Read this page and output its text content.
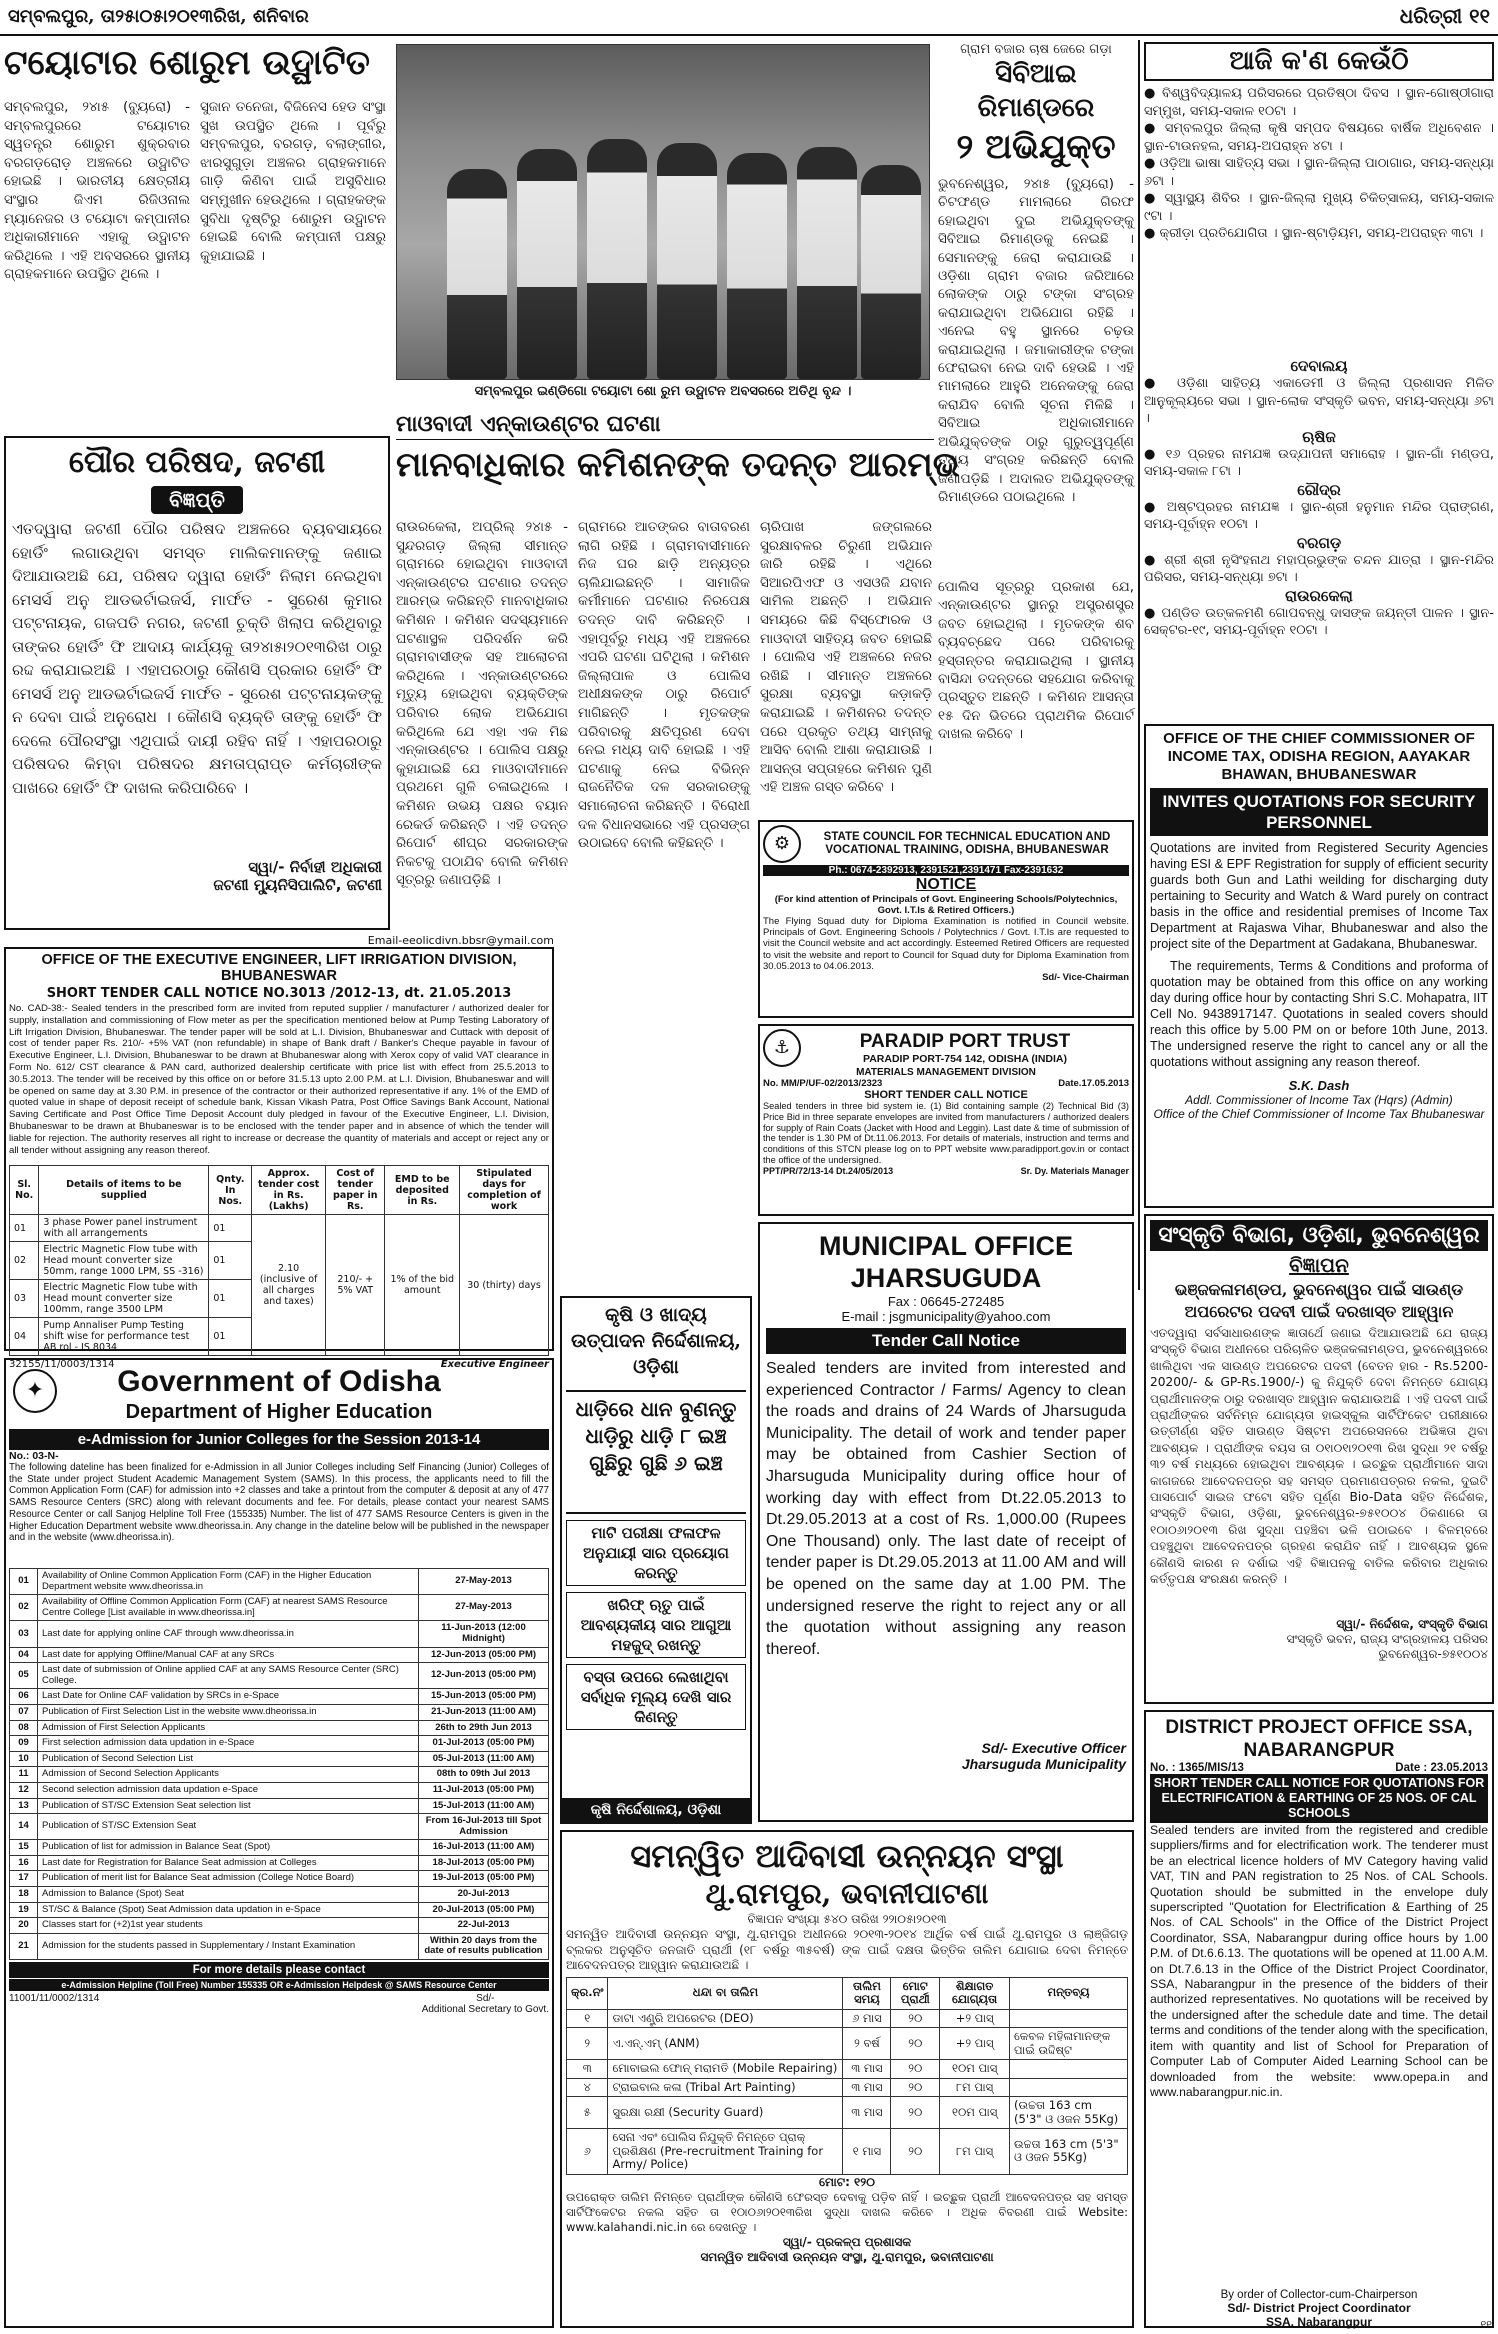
ସମ୍ବଲପୁର, ତା୨୫ା୦୫ା୨୦୧୩ରିଖ, ଶନିବାର	ଧରିତ୍ରୀ ୧୧
ଟୟୋଟାର ଶୋରୁମ ଉଦ୍ଘାଟିତ
ସମ୍ବଲପୁର, ୨୪ା୫ (ବ୍ୟୁରୋ) - ସମ୍ବଲପୁରରେ ଟୟୋଟାର ସ୍ୱତନ୍ତ୍ର ଶୋରୁମ ଶୁକ୍ରବାର ବରଗଡ଼ରୋଡ଼ ଅଞ୍ଚଳରେ ଉଦ୍ଘାଟିତ ହୋଇଛି । ଭାରତୀୟ କ୍ଷେତ୍ରୀୟ ସଂସ୍ଥାର ଜିଏମ ରିଜିଓନାଲ ମ୍ୟାନେଜର ଓ ଟୟୋଟା କମ୍ପାନୀର ଅଧିକାରୀମାନେ ଏହାକୁ ଉଦ୍ଘାଟନ କରିଥିଲେ । ଏହି ଅବସରରେ ସ୍ଥାନୀୟ ଗ୍ରାହକମାନେ ଉପସ୍ଥିତ ଥିଲେ ।
ସୁଜାନ ତନେଜା, ବିଜିନେସ ହେଡ ସଂସ୍ଥା ସୁଖ ଉପସ୍ଥିତ ଥିଲେ । ପୂର୍ବରୁ ସମ୍ବଲପୁର, ବରଗଡ଼, ବଲାଙ୍ଗୀର, ଝାରସୁଗୁଡ଼ା ଅଞ୍ଚଳର ଗ୍ରାହକମାନେ ଗାଡ଼ି କିଣିବା ପାଇଁ ଅସୁବିଧାର ସମ୍ମୁଖୀନ ହେଉଥିଲେ । ଗ୍ରାହକଙ୍କ ସୁବିଧା ଦୃଷ୍ଟିରୁ ଶୋରୁମ ଉଦ୍ଘାଟନ ହୋଇଛି ବୋଲି କମ୍ପାନୀ ପକ୍ଷରୁ କୁହାଯାଇଛି ।
ସମ୍ବଲପୁର ଇଣ୍ଡିଗୋ ଟୟୋଟା ଶୋ ରୁମ ଉଦ୍ଘାଟନ ଅବସରରେ ଅତିଥି ବୃନ୍ଦ ।
ଗ୍ରାମ ବଜାର ଚାଷ ଜେରେ ଗଡ଼ା
ସିବିଆଇ ରିମାଣ୍ଡରେ
୨ ଅଭିଯୁକ୍ତ
ଭୁବନେଶ୍ୱର, ୨୪ା୫ (ବ୍ୟୁରୋ) - ଚିଟଫଣ୍ଡ ମାମଲାରେ ଗିରଫ ହୋଇଥିବା ଦୁଇ ଅଭିଯୁକ୍ତଙ୍କୁ ସିବିଆଇ ରିମାଣ୍ଡକୁ ନେଇଛି । ସେମାନଙ୍କୁ ଜେରା କରାଯାଉଛି । ଓଡ଼ିଶା ଗ୍ରାମ ବଜାର ଜରିଆରେ ଲୋକଙ୍କ ଠାରୁ ଟଙ୍କା ସଂଗ୍ରହ କରାଯାଇଥିବା ଅଭିଯୋଗ ରହିଛି । ଏନେଇ ବହୁ ସ୍ଥାନରେ ଚଢ଼ଉ କରାଯାଇଥିଲା । ଜମାକାରୀଙ୍କ ଟଙ୍କା ଫେରାଇବା ନେଇ ଦାବି ହେଉଛି । ଏହି ମାମଲାରେ ଆହୁରି ଅନେକଙ୍କୁ ଜେରା କରାଯିବ ବୋଲି ସୂଚନା ମିଳିଛି । ସିବିଆଇ ଅଧିକାରୀମାନେ ଅଭିଯୁକ୍ତଙ୍କ ଠାରୁ ଗୁରୁତ୍ୱପୂର୍ଣ୍ଣ ତଥ୍ୟ ସଂଗ୍ରହ କରିଛନ୍ତି ବୋଲି ଜଣାପଡ଼ିଛି । ଅଦାଲତ ଅଭିଯୁକ୍ତଙ୍କୁ ରିମାଣ୍ଡରେ ପଠାଇଥିଲେ ।
ଆଜି କ'ଣ କେଉଁଠି
● ବିଶ୍ୱବିଦ୍ୟାଳୟ ପରିସରରେ ପ୍ରତିଷ୍ଠା ଦିବସ । ସ୍ଥାନ-ଗୋଷ୍ଠୀଗାରା ସମ୍ମୁଖ, ସମୟ-ସକାଳ ୧୦ଟା ।
● ସମ୍ବଲପୁର ଜିଲ୍ଲା କୃଷି ସମ୍ପଦ ବିଷୟରେ ବାର୍ଷିକ ଅଧିବେଶନ । ସ୍ଥାନ-ଟାଉନହଲ, ସମୟ-ଅପରାହ୍ନ ୪ଟା ।
● ଓଡ଼ିଆ ଭାଷା ସାହିତ୍ୟ ସଭା । ସ୍ଥାନ-ଜିଲ୍ଲା ପାଠାଗାର, ସମୟ-ସନ୍ଧ୍ୟା ୬ଟା ।
● ସ୍ୱାସ୍ଥ୍ୟ ଶିବିର । ସ୍ଥାନ-ଜିଲ୍ଲା ମୁଖ୍ୟ ଚିକିତ୍ସାଳୟ, ସମୟ-ସକାଳ ୯ଟା ।
● କ୍ରୀଡ଼ା ପ୍ରତିଯୋଗିତା । ସ୍ଥାନ-ଷ୍ଟାଡ଼ିୟମ, ସମୟ-ଅପରାହ୍ନ ୩ଟା ।
ଦେବାଲୟ
● ଓଡ଼ିଶା ସାହିତ୍ୟ ଏକାଡେମୀ ଓ ଜିଲ୍ଲା ପ୍ରଶାସନ ମିଳିତ ଆନୁକୂଲ୍ୟରେ ସଭା । ସ୍ଥାନ-ଲୋକ ସଂସ୍କୃତି ଭବନ, ସମୟ-ସନ୍ଧ୍ୟା ୬ଟା ।
ଋଷିଜ
● ୧୬ ପ୍ରହର ନାମଯଜ୍ଞ ଉଦ୍ଯାପନୀ ସମାରୋହ । ସ୍ଥାନ-ଗାଁ ମଣ୍ଡପ, ସମୟ-ସକାଳ ୮ଟା ।
ରୌଦ୍ର
● ଅଷ୍ଟପ୍ରହର ନାମଯଜ୍ଞ । ସ୍ଥାନ-ଶ୍ରୀ ହନୁମାନ ମନ୍ଦିର ପ୍ରାଙ୍ଗଣ, ସମୟ-ପୂର୍ବାହ୍ନ ୧୦ଟା ।
ବରଗଡ଼
● ଶ୍ରୀ ଶ୍ରୀ ନୃସିଂହନାଥ ମହାପ୍ରଭୁଙ୍କ ଚନ୍ଦନ ଯାତ୍ରା । ସ୍ଥାନ-ମନ୍ଦିର ପରିସର, ସମୟ-ସନ୍ଧ୍ୟା ୭ଟା ।
ରାଉରକେଲା
● ପଣ୍ଡିତ ଉତ୍କଳମଣି ଗୋପବନ୍ଧୁ ଦାସଙ୍କ ଜୟନ୍ତୀ ପାଳନ । ସ୍ଥାନ-ସେକ୍ଟର-୧୯, ସମୟ-ପୂର୍ବାହ୍ନ ୧୦ଟା ।
ପୌର ପରିଷଦ, ଜଟଣୀ
ବିଜ୍ଞପ୍ତି
ଏତଦ୍ୱାରା ଜଟଣୀ ପୌର ପରିଷଦ ଅଞ୍ଚଳରେ ବ୍ୟବସାୟରେ ହୋର୍ଡିଂ ଲଗାଉଥିବା ସମସ୍ତ ମାଲିକମାନଙ୍କୁ ଜଣାଇ ଦିଆଯାଉଅଛି ଯେ, ପରିଷଦ ଦ୍ୱାରା ହୋର୍ଡିଂ ନିଲାମ ନେଇଥିବା ମେସର୍ସ ଅନୁ ଆଡଭର୍ଟାଇଜର୍ସ, ମାର୍ଫତ - ସୁରେଶ କୁମାର ପଟ୍ଟନାୟକ, ଗଜପତି ନଗର, ଜଟଣୀ ଚୁକ୍ତି ଖିଲାପ କରିଥିବାରୁ ତାଙ୍କର ହୋର୍ଡିଂ ଫି ଆଦାୟ କାର୍ଯ୍ୟକୁ ତା୨୪ା୫ା୨୦୧୩ରିଖ ଠାରୁ ରଦ୍ଦ କରାଯାଇଅଛି । ଏହାପରଠାରୁ କୌଣସି ପ୍ରକାର ହୋର୍ଡିଂ ଫି ମେସର୍ସ ଅନୁ ଆଡଭର୍ଟାଇଜର୍ସ ମାର୍ଫତ - ସୁରେଶ ପଟ୍ଟନାୟକଙ୍କୁ ନ ଦେବା ପାଇଁ ଅନୁରୋଧ । କୌଣସି ବ୍ୟକ୍ତି ତାଙ୍କୁ ହୋର୍ଡିଂ ଫି ଦେଲେ ପୌରସଂସ୍ଥା ଏଥିପାଇଁ ଦାୟୀ ରହିବ ନାହିଁ । ଏହାପରଠାରୁ ପରିଷଦର କିମ୍ବା ପରିଷଦର କ୍ଷମତାପ୍ରାପ୍ତ କର୍ମଚାରୀଙ୍କ ପାଖରେ ହୋର୍ଡିଂ ଫି ଦାଖଲ କରିପାରିବେ ।
ସ୍ୱା/- ନିର୍ବାହୀ ଅଧିକାରୀ
ଜଟଣୀ ମ୍ୟୁନିସିପାଲିଟି, ଜଟଣୀ
ମାଓବାଦୀ ଏନ୍‌କାଉଣ୍ଟର ଘଟଣା
ମାନବାଧିକାର କମିଶନଙ୍କ ତଦନ୍ତ ଆରମ୍ଭ
ରାଉରକେଲା, ଅପ୍ରିଲ୍ ୨୪ା୫ - ସୁନ୍ଦରଗଡ଼ ଜିଲ୍ଲା ସୀମାନ୍ତ ଗ୍ରାମରେ ହୋଇଥିବା ମାଓବାଦୀ ଏନ୍‌କାଉଣ୍ଟର ଘଟଣାର ତଦନ୍ତ ଆରମ୍ଭ କରିଛନ୍ତି ମାନବାଧିକାର କମିଶନ । କମିଶନ ସଦସ୍ୟମାନେ ଘଟଣାସ୍ଥଳ ପରିଦର୍ଶନ କରି ଗ୍ରାମବାସୀଙ୍କ ସହ ଆଲୋଚନା କରିଥିଲେ । ଏନ୍‌କାଉଣ୍ଟରରେ ମୃତ୍ୟୁ ହୋଇଥିବା ବ୍ୟକ୍ତିଙ୍କ ପରିବାର ଲୋକ ଅଭିଯୋଗ କରିଥିଲେ ଯେ ଏହା ଏକ ମିଛ ଏନ୍‌କାଉଣ୍ଟର । ପୋଲିସ ପକ୍ଷରୁ କୁହାଯାଇଛି ଯେ ମାଓବାଦୀମାନେ ପ୍ରଥମେ ଗୁଳି ଚଳାଇଥିଲେ । କମିଶନ ଉଭୟ ପକ୍ଷର ବୟାନ ରେକର୍ଡ କରିଛନ୍ତି । ଏହି ତଦନ୍ତ ରିପୋର୍ଟ ଶୀଘ୍ର ସରକାରଙ୍କ ନିକଟକୁ ପଠାଯିବ ବୋଲି କମିଶନ ସୂତ୍ରରୁ ଜଣାପଡ଼ିଛି ।
ଗ୍ରାମରେ ଆତଙ୍କର ବାତାବରଣ ଲାଗି ରହିଛି । ଗ୍ରାମବାସୀମାନେ ନିଜ ଘର ଛାଡ଼ି ଅନ୍ୟତ୍ର ଚାଲିଯାଇଛନ୍ତି । ସାମାଜିକ କର୍ମୀମାନେ ଘଟଣାର ନିରପେକ୍ଷ ତଦନ୍ତ ଦାବି କରିଛନ୍ତି । ଏହାପୂର୍ବରୁ ମଧ୍ୟ ଏହି ଅଞ୍ଚଳରେ ଏପରି ଘଟଣା ଘଟିଥିଲା । କମିଶନ ଜିଲ୍ଲାପାଳ ଓ ପୋଲିସ ଅଧୀକ୍ଷକଙ୍କ ଠାରୁ ରିପୋର୍ଟ ମାଗିଛନ୍ତି । ମୃତକଙ୍କ ପରିବାରକୁ କ୍ଷତିପୂରଣ ଦେବା ନେଇ ମଧ୍ୟ ଦାବି ହୋଇଛି । ଏହି ଘଟଣାକୁ ନେଇ ବିଭିନ୍ନ ରାଜନୈତିକ ଦଳ ସରକାରଙ୍କୁ ସମାଲୋଚନା କରିଛନ୍ତି । ବିରୋଧୀ ଦଳ ବିଧାନସଭାରେ ଏହି ପ୍ରସଙ୍ଗ ଉଠାଇବେ ବୋଲି କହିଛନ୍ତି ।
ଚାରିପାଖ ଜଙ୍ଗଲରେ ସୁରକ୍ଷାବଳର ଚିରୁଣୀ ଅଭିଯାନ ଜାରି ରହିଛି । ଏଥିରେ ସିଆରପିଏଫ ଓ ଏସଓଜି ଯବାନ ସାମିଲ ଅଛନ୍ତି । ଅଭିଯାନ ସମୟରେ କିଛି ବିସ୍ଫୋରକ ଓ ମାଓବାଦୀ ସାହିତ୍ୟ ଜବତ ହୋଇଛି । ପୋଲିସ ଏହି ଅଞ୍ଚଳରେ ନଜର ରଖିଛି । ସୀମାନ୍ତ ଅଞ୍ଚଳରେ ସୁରକ୍ଷା ବ୍ୟବସ୍ଥା କଡ଼ାକଡ଼ି କରାଯାଇଛି । କମିଶନର ତଦନ୍ତ ପରେ ପ୍ରକୃତ ତଥ୍ୟ ସାମ୍ନାକୁ ଆସିବ ବୋଲି ଆଶା କରାଯାଉଛି । ଆସନ୍ତା ସପ୍ତାହରେ କମିଶନ ପୁଣି ଏହି ଅଞ୍ଚଳ ଗସ୍ତ କରିବେ ।
ପୋଲିସ ସୂତ୍ରରୁ ପ୍ରକାଶ ଯେ, ଏନ୍‌କାଉଣ୍ଟର ସ୍ଥାନରୁ ଅସ୍ତ୍ରଶସ୍ତ୍ର ଜବତ ହୋଇଥିଲା । ମୃତକଙ୍କ ଶବ ବ୍ୟବଚ୍ଛେଦ ପରେ ପରିବାରକୁ ହସ୍ତାନ୍ତର କରାଯାଇଥିଲା । ସ୍ଥାନୀୟ ବାସିନ୍ଦା ତଦନ୍ତରେ ସହଯୋଗ କରିବାକୁ ପ୍ରସ୍ତୁତ ଅଛନ୍ତି । କମିଶନ ଆସନ୍ତା ୧୫ ଦିନ ଭିତରେ ପ୍ରାଥମିକ ରିପୋର୍ଟ ଦାଖଲ କରିବେ ।
Email-eeolicdivn.bbsr@ymail.com
OFFICE OF THE EXECUTIVE ENGINEER, LIFT IRRIGATION DIVISION, BHUBANESWAR
SHORT TENDER CALL NOTICE NO.3013 /2012-13, dt. 21.05.2013
No. CAD-38:- Sealed tenders in the prescribed form are invited from reputed supplier / manufacturer / authorized dealer for supply, installation and commissioning of Flow meter as per the specification mentioned below at Pump Testing Laboratory of Lift Irrigation Division, Bhubaneswar. The tender paper will be sold at L.I. Division, Bhubaneswar and Cuttack with deposit of cost of tender paper Rs. 210/- +5% VAT (non refundable) in shape of Bank draft / Banker's Cheque payable in favour of Executive Engineer, L.I. Division, Bhubaneswar to be drawn at Bhubaneswar along with Xerox copy of valid VAT clearance in Form No. 612/ CST clearance & PAN card, authorized dealership certificate with price list with effect from 25.5.2013 to 30.5.2013. The tender will be received by this office on or before 31.5.13 upto 2.00 P.M. at L.I. Division, Bhubaneswar and will be opened on same day at 3.30 P.M. in presence of the contractor or their authorized representative if any. 1% of the EMD of quoted value in shape of deposit receipt of schedule bank, Kissan Vikash Patra, Post Office Savings Bank Account, National Saving Certificate and Post Office Time Deposit Account duly pledged in favour of the Executive Engineer, L.I. Division, Bhubaneswar to be drawn at Bhubaneswar is to be enclosed with the tender paper and in absence of which the tender will liable for rejection. The authority reserves all right to increase or decrease the quantity of materials and accept or reject any or all tender without assigning any reason thereof.
Sl. No.	Details of items to be supplied	Qnty. In Nos.	Approx. tender cost in Rs. (Lakhs)	Cost of tender paper in Rs.	EMD to be deposited in Rs.	Stipulated days for completion of work
01	3 phase Power panel instrument with all arrangements	01	2.10 (inclusive of all charges and taxes)	210/- + 5% VAT	1% of the bid amount	30 (thirty) days
02	Electric Magnetic Flow tube with Head mount converter size 50mm, range 1000 LPM, SS -316)	01				
03	Electric Magnetic Flow tube with Head mount converter size 100mm, range 3500 LPM	01				
04	Pump Annaliser Pump Testing shift wise for performance test AB rol - IS 8034	01				
32155/11/0003/1314	Executive Engineer
✦	Government of Odisha
Department of Higher Education
e-Admission for Junior Colleges for the Session 2013-14
No.: 03-N-
The following dateline has been finalized for e-Admission in all Junior Colleges including Self Financing (Junior) Colleges of the State under project Student Academic Management System (SAMS). In this process, the applicants need to fill the Common Application Form (CAF) for admission into +2 classes and take a printout from the computer & deposit at any of 477 SAMS Resource Centers (SRC) along with relevant documents and fee. For details, please contact your nearest SAMS Resource Center or call Sanjog Helpline Toll Free (155335) Number. The list of 477 SAMS Resource Centers is given in the Higher Education Department website www.dheorissa.in. Any change in the dateline below will be published in the newspaper and in the website (www.dheorissa.in).
01	Availability of Online Common Application Form (CAF) in the Higher Education Department website www.dheorissa.in	27-May-2013
02	Availability of Offline Common Application Form (CAF) at nearest SAMS Resource Centre College [List available in www.dheorissa.in]	27-May-2013
03	Last date for applying online CAF through www.dheorissa.in	11-Jun-2013 (12:00 Midnight)
04	Last date for applying Offline/Manual CAF at any SRCs	12-Jun-2013 (05:00 PM)
05	Last date of submission of Online applied CAF at any SAMS Resource Center (SRC) College.	12-Jun-2013 (05:00 PM)
06	Last Date for Online CAF validation by SRCs in e-Space	15-Jun-2013 (05:00 PM)
07	Publication of First Selection List in the website www.dheorissa.in	21-Jun-2013 (11:00 AM)
08	Admission of First Selection Applicants	26th to 29th Jun 2013
09	First selection admission data updation in e-Space	01-Jul-2013 (05:00 PM)
10	Publication of Second Selection List	05-Jul-2013 (11:00 AM)
11	Admission of Second Selection Applicants	08th to 09th Jul 2013
12	Second selection admission data updation e-Space	11-Jul-2013 (05:00 PM)
13	Publication of ST/SC Extension Seat selection list	15-Jul-2013 (11:00 AM)
14	Publication of ST/SC Extension Seat	From 16-Jul-2013 till Spot Admission
15	Publication of list for admission in Balance Seat (Spot)	16-Jul-2013 (11:00 AM)
16	Last date for Registration for Balance Seat admission at Colleges	18-Jul-2013 (05:00 PM)
17	Publication of merit list for Balance Seat admission (College Notice Board)	19-Jul-2013 (05:00 PM)
18	Admission to Balance (Spot) Seat	20-Jul-2013
19	ST/SC & Balance (Spot) Seat Admission data updation in e-Space	20-Jul-2013 (05:00 PM)
20	Classes start for (+2)1st year students	22-Jul-2013
21	Admission for the students passed in Supplementary / Instant Examination	Within 20 days from the date of results publication
For more details please contact
e-Admission Helpline (Toll Free) Number 155335 OR e-Admission Helpdesk @ SAMS Resource Center
11001/11/0002/1314	Sd/-
Additional Secretary to Govt.
⚙	STATE COUNCIL FOR TECHNICAL EDUCATION AND VOCATIONAL TRAINING, ODISHA, BHUBANESWAR
Ph.: 0674-2392913, 2391521,2391471 Fax-2391632
NOTICE
(For kind attention of Principals of Govt. Engineering Schools/Polytechnics, Govt. I.T.Is & Retired Officers.)
The Flying Squad duty for Diploma Examination is notified in Council website. Principals of Govt. Engineering Schools / Polytechnics / Govt. I.T.Is are requested to visit the Council website and act accordingly. Esteemed Retired Officers are requested to visit the website and report to Council for Squad duty for Diploma Examination from 30.05.2013 to 04.06.2013.
Sd/- Vice-Chairman
⚓	PARADIP PORT TRUST
PARADIP PORT-754 142, ODISHA (INDIA)
MATERIALS MANAGEMENT DIVISION
No. MM/P/UF-02/2013/2323	Date.17.05.2013
SHORT TENDER CALL NOTICE
Sealed tenders in three bid system ie. (1) Bid containing sample (2) Technical Bid (3) Price Bid in three separate envelopes are invited from manufacturers / authorized dealers for supply of Rain Coats (Jacket with Hood and Leggin). Last date & time of submission of the tender is 1.30 PM of Dt.11.06.2013. For details of materials, instruction and terms and conditions of this STCN please log on to PPT website www.paradipport.gov.in or contact the office of the undersigned.
PPT/PR/72/13-14 Dt.24/05/2013	Sr. Dy. Materials Manager
କୃଷି ଓ ଖାଦ୍ୟ ଉତ୍ପାଦନ ନିର୍ଦ୍ଦେଶାଳୟ, ଓଡ଼ିଶା
ଧାଡ଼ିରେ ଧାନ ବୁଣନ୍ତୁ ଧାଡ଼ିରୁ ଧାଡ଼ି ୮ ଇଞ୍ଚ ଗୁଛିରୁ ଗୁଛି ୬ ଇଞ୍ଚ
ମାଟି ପରୀକ୍ଷା ଫଳାଫଳ ଅନୁଯାୟୀ ସାର ପ୍ରୟୋଗ କରନ୍ତୁ
ଖରିଫ୍ ଋତୁ ପାଇଁ ଆବଶ୍ୟକୀୟ ସାର ଆଗୁଆ ମହଜୁଦ୍ ରଖନ୍ତୁ
ବସ୍ତା ଉପରେ ଲେଖାଥିବା ସର୍ବାଧିକ ମୂଲ୍ୟ ଦେଖି ସାର କିଣନ୍ତୁ
କୃଷି ନିର୍ଦ୍ଦେଶାଳୟ, ଓଡ଼ିଶା
MUNICIPAL OFFICE
JHARSUGUDA
Fax : 06645-272485
E-mail : jsgmunicipality@yahoo.com
Tender Call Notice
Sealed tenders are invited from interested and experienced Contractor / Farms/ Agency to clean the roads and drains of 24 Wards of Jharsuguda Municipality. The detail of work and tender paper may be obtained from Cashier Section of Jharsuguda Municipality during office hour of working day with effect from Dt.22.05.2013 to Dt.29.05.2013 at a cost of Rs. 1,000.00 (Rupees One Thousand) only. The last date of receipt of tender paper is Dt.29.05.2013 at 11.00 AM and will be opened on the same day at 1.00 PM. The undersigned reserve the right to reject any or all the quotation without assigning any reason thereof.
Sd/- Executive Officer
Jharsuguda Municipality
ସମନ୍ୱିତ ଆଦିବାସୀ ଉନ୍ନୟନ ସଂସ୍ଥା
ଥୁ.ରାମପୁର, ଭବାନୀପାଟଣା
ବିଜ୍ଞାପନ ସଂଖ୍ୟା ୫୪୦ ତାରିଖ ୨୨ା୦୫ା୨୦୧୩
ସମନ୍ୱିତ ଆଦିବାସୀ ଉନ୍ନୟନ ସଂସ୍ଥା, ଥୁ.ରାମପୁର ଅଧୀନରେ ୨୦୧୩-୨୦୧୪ ଆର୍ଥିକ ବର୍ଷ ପାଇଁ ଥୁ.ରାମପୁର ଓ ଲାଞ୍ଜିଗଡ଼ ବ୍ଲକର ଅନୁସୂଚିତ ଜନଜାତି ପ୍ରାର୍ଥୀ (୧୮ ବର୍ଷରୁ ୩୫ବର୍ଷ) ଙ୍କ ପାଇଁ ଦକ୍ଷତା ଭିତ୍ତିକ ତାଲିମ ଯୋଗାଇ ଦେବା ନିମନ୍ତେ ଆବେଦନପତ୍ର ଆହ୍ୱାନ କରାଯାଉଅଛି ।
କ୍ର.ନଂ	ଧନ୍ଦା ବା ତାଲିମ	ତାଲିମ ସମୟ	ମୋଟ ପ୍ରାର୍ଥୀ	ଶିକ୍ଷାଗତ ଯୋଗ୍ୟତା	ମନ୍ତବ୍ୟ
୧	ଡାଟା ଏଣ୍ଟ୍ରି ଅପରେଟର (DEO)	୬ ମାସ	୨୦	+୨ ପାସ୍	
୨	ଏ.ଏନ୍.ଏମ୍ (ANM)	୨ ବର୍ଷ	୨୦	+୨ ପାସ୍	କେବଳ ମହିଳାମାନଙ୍କ ପାଇଁ ଉଦ୍ଦିଷ୍ଟ
୩	ମୋବାଇଲ ଫୋନ୍ ମରାମତି (Mobile Repairing)	୩ ମାସ	୨୦	୧୦ମ ପାସ୍	
୪	ଟ୍ରାଇବାଲ କଳା (Tribal Art Painting)	୩ ମାସ	୨୦	୮ମ ପାସ୍	
୫	ସୁରକ୍ଷା ରକ୍ଷୀ (Security Guard)	୩ ମାସ	୨୦	୧୦ମ ପାସ୍	(ଉଚ୍ଚତା 163 cm (5'3" ଓ ଓଜନ 55Kg)
୬	ସେନା ଏବଂ ପୋଲିସ ନିଯୁକ୍ତି ନିମନ୍ତେ ପ୍ରାକ୍ ପ୍ରଶିକ୍ଷଣ (Pre-recruitment Training for Army/ Police)	୧ ମାସ	୨୦	୮ମ ପାସ୍	ଉଚ୍ଚତା 163 cm (5'3" ଓ ଓଜନ 55Kg)
ମୋଟ: ୧୨୦
ଉପରୋକ୍ତ ତାଲିମ ନିମନ୍ତେ ପ୍ରାର୍ଥୀଙ୍କ କୌଣସି ଫେରସ୍ତ ଦେବାକୁ ପଡ଼ିବ ନାହିଁ । ଇଚ୍ଛୁକ ପ୍ରାର୍ଥୀ ଆବେଦନପତ୍ର ସହ ସମସ୍ତ ସାର୍ଟିଫିକେଟର ନକଲ ସହିତ ତା ୧୦ା୦୬ା୨୦୧୩ରିଖ ସୁଦ୍ଧା ଦାଖଲ କରିବେ । ଅଧିକ ବିବରଣୀ ପାଇଁ Website: www.kalahandi.nic.in ରେ ଦେଖନ୍ତୁ ।
ସ୍ୱା/- ପ୍ରକଳ୍ପ ପ୍ରଶାସକ
ସମନ୍ୱିତ ଆଦିବାସୀ ଉନ୍ନୟନ ସଂସ୍ଥା, ଥୁ.ରାମପୁର, ଭବାନୀପାଟଣା
OFFICE OF THE CHIEF COMMISSIONER OF INCOME TAX, ODISHA REGION, AAYAKAR BHAWAN, BHUBANESWAR
INVITES QUOTATIONS FOR SECURITY PERSONNEL
Quotations are invited from Registered Security Agencies having ESI & EPF Registration for supply of efficient security guards both Gun and Lathi weilding for discharging duty pertaining to Security and Watch & Ward purely on contract basis in the office and residential premises of Income Tax Department at Rajaswa Vihar, Bhubaneswar and also the project site of the Department at Gadakana, Bhubaneswar.
The requirements, Terms & Conditions and proforma of quotation may be obtained from this office on any working day during office hour by contacting Shri S.C. Mohapatra, IIT Cell No. 9438917147. Quotations in sealed covers should reach this office by 5.00 PM on or before 10th June, 2013. The undersigned reserve the right to cancel any or all the quotations without assigning any reason thereof.
S.K. Dash
Addl. Commissioner of Income Tax (Hqrs) (Admin)
Office of the Chief Commissioner of Income Tax Bhubaneswar
ସଂସ୍କୃତି ବିଭାଗ, ଓଡ଼ିଶା, ଭୁବନେଶ୍ୱର
ବିଜ୍ଞାପନ
ଭଞ୍ଜକଳାମଣ୍ଡପ, ଭୁବନେଶ୍ୱର ପାଇଁ ସାଉଣ୍ଡ ଅପରେଟର ପଦବୀ ପାଇଁ ଦରଖାସ୍ତ ଆହ୍ୱାନ
ଏତଦ୍ୱାରା ସର୍ବସାଧାରଣଙ୍କ ଜ୍ଞାତାର୍ଥେ ଜଣାଇ ଦିଆଯାଉଅଛି ଯେ ରାଜ୍ୟ ସଂସ୍କୃତି ବିଭାଗ ଅଧୀନରେ ପରିଚାଳିତ ଭଞ୍ଜକଳାମଣ୍ଡପ, ଭୁବନେଶ୍ୱରରେ ଖାଲିଥିବା ଏକ ସାଉଣ୍ଡ ଅପରେଟର ପଦବୀ (ବେତନ ହାର - Rs.5200-20200/- & GP-Rs.1900/-) କୁ ନିଯୁକ୍ତି ଦେବା ନିମନ୍ତେ ଯୋଗ୍ୟ ପ୍ରାର୍ଥୀମାନଙ୍କ ଠାରୁ ଦରଖାସ୍ତ ଆହ୍ୱାନ କରାଯାଉଅଛି । ଏହି ପଦବୀ ପାଇଁ ପ୍ରାର୍ଥୀଙ୍କର ସର୍ବନିମ୍ନ ଯୋଗ୍ୟତା ହାଇସ୍କୁଲ ସାର୍ଟିଫିକେଟ ପରୀକ୍ଷାରେ ଉତ୍ତୀର୍ଣ୍ଣ ସହିତ ସାଉଣ୍ଡ ସିଷ୍ଟମ ଅପରେସନରେ ଅଭିଜ୍ଞତା ଥିବା ଆବଶ୍ୟକ । ପ୍ରାର୍ଥୀଙ୍କ ବୟସ ତା ୦୧ା୦୧ା୨୦୧୩ ରିଖ ସୁଦ୍ଧା ୨୧ ବର୍ଷରୁ ୩୨ ବର୍ଷ ମଧ୍ୟରେ ହୋଇଥିବା ଆବଶ୍ୟକ । ଇଚ୍ଛୁକ ପ୍ରାର୍ଥୀମାନେ ସାଦା କାଗଜରେ ଆବେଦନପତ୍ର ସହ ସମସ୍ତ ପ୍ରମାଣପତ୍ରର ନକଲ, ଦୁଇଟି ପାସପୋର୍ଟ ସାଇଜ ଫଟୋ ସହିତ ପୂର୍ଣ୍ଣ Bio-Data ସହିତ ନିର୍ଦ୍ଦେଶକ, ସଂସ୍କୃତି ବିଭାଗ, ଓଡ଼ିଶା, ଭୁବନେଶ୍ୱର-୭୫୧୦୦୪ ଠିକଣାରେ ତା ୧୦ା୦୬ା୨୦୧୩ ରିଖ ସୁଦ୍ଧା ପହଞ୍ଚିବା ଭଳି ପଠାଇବେ । ବିଳମ୍ବରେ ପହଞ୍ଚୁଥିବା ଆବେଦନପତ୍ର ଗ୍ରହଣ କରାଯିବ ନାହିଁ । ଆବଶ୍ୟକ ସ୍ଥଳେ କୌଣସି କାରଣ ନ ଦର୍ଶାଇ ଏହି ବିଜ୍ଞାପନକୁ ବାତିଲ କରିବାର ଅଧିକାର କର୍ତ୍ତୃପକ୍ଷ ସଂରକ୍ଷଣ କରନ୍ତି ।
ସ୍ୱା/- ନିର୍ଦ୍ଦେଶକ, ସଂସ୍କୃତି ବିଭାଗ
ସଂସ୍କୃତି ଭବନ, ରାଜ୍ୟ ସଂଗ୍ରହାଳୟ ପରିସର
ଭୁବନେଶ୍ୱର-୭୫୧୦୦୪
DISTRICT PROJECT OFFICE SSA, NABARANGPUR
No. : 1365/MIS/13	Date : 23.05.2013
SHORT TENDER CALL NOTICE FOR QUOTATIONS FOR ELECTRIFICATION & EARTHING OF 25 NOS. OF CAL SCHOOLS
Sealed tenders are invited from the registered and credible suppliers/firms and for electrification work. The tenderer must be an electrical licence holders of MV Category having valid VAT, TIN and PAN registration to 25 Nos. of CAL Schools. Quotation should be submitted in the envelope duly superscripted "Quotation for Electrification & Earthing of 25 Nos. of CAL Schools" in the Office of the District Project Coordinator, SSA, Nabarangpur during office hours by 1.00 P.M. of Dt.6.6.13. The quotations will be opened at 11.00 A.M. on Dt.7.6.13 in the Office of the District Project Coordinator, SSA, Nabarangpur in the presence of the bidders of their authorized representatives. No quotations will be received by the undersigned after the schedule date and time. The detail terms and conditions of the tender along with the specification, item with quantity and list of School for Preparation of Computer Lab of Computer Aided Learning School can be downloaded from the website: www.opepa.in and www.nabarangpur.nic.in.
By order of Collector-cum-Chairperson
Sd/- District Project Coordinator
SSA, Nabarangpur	୧୧
